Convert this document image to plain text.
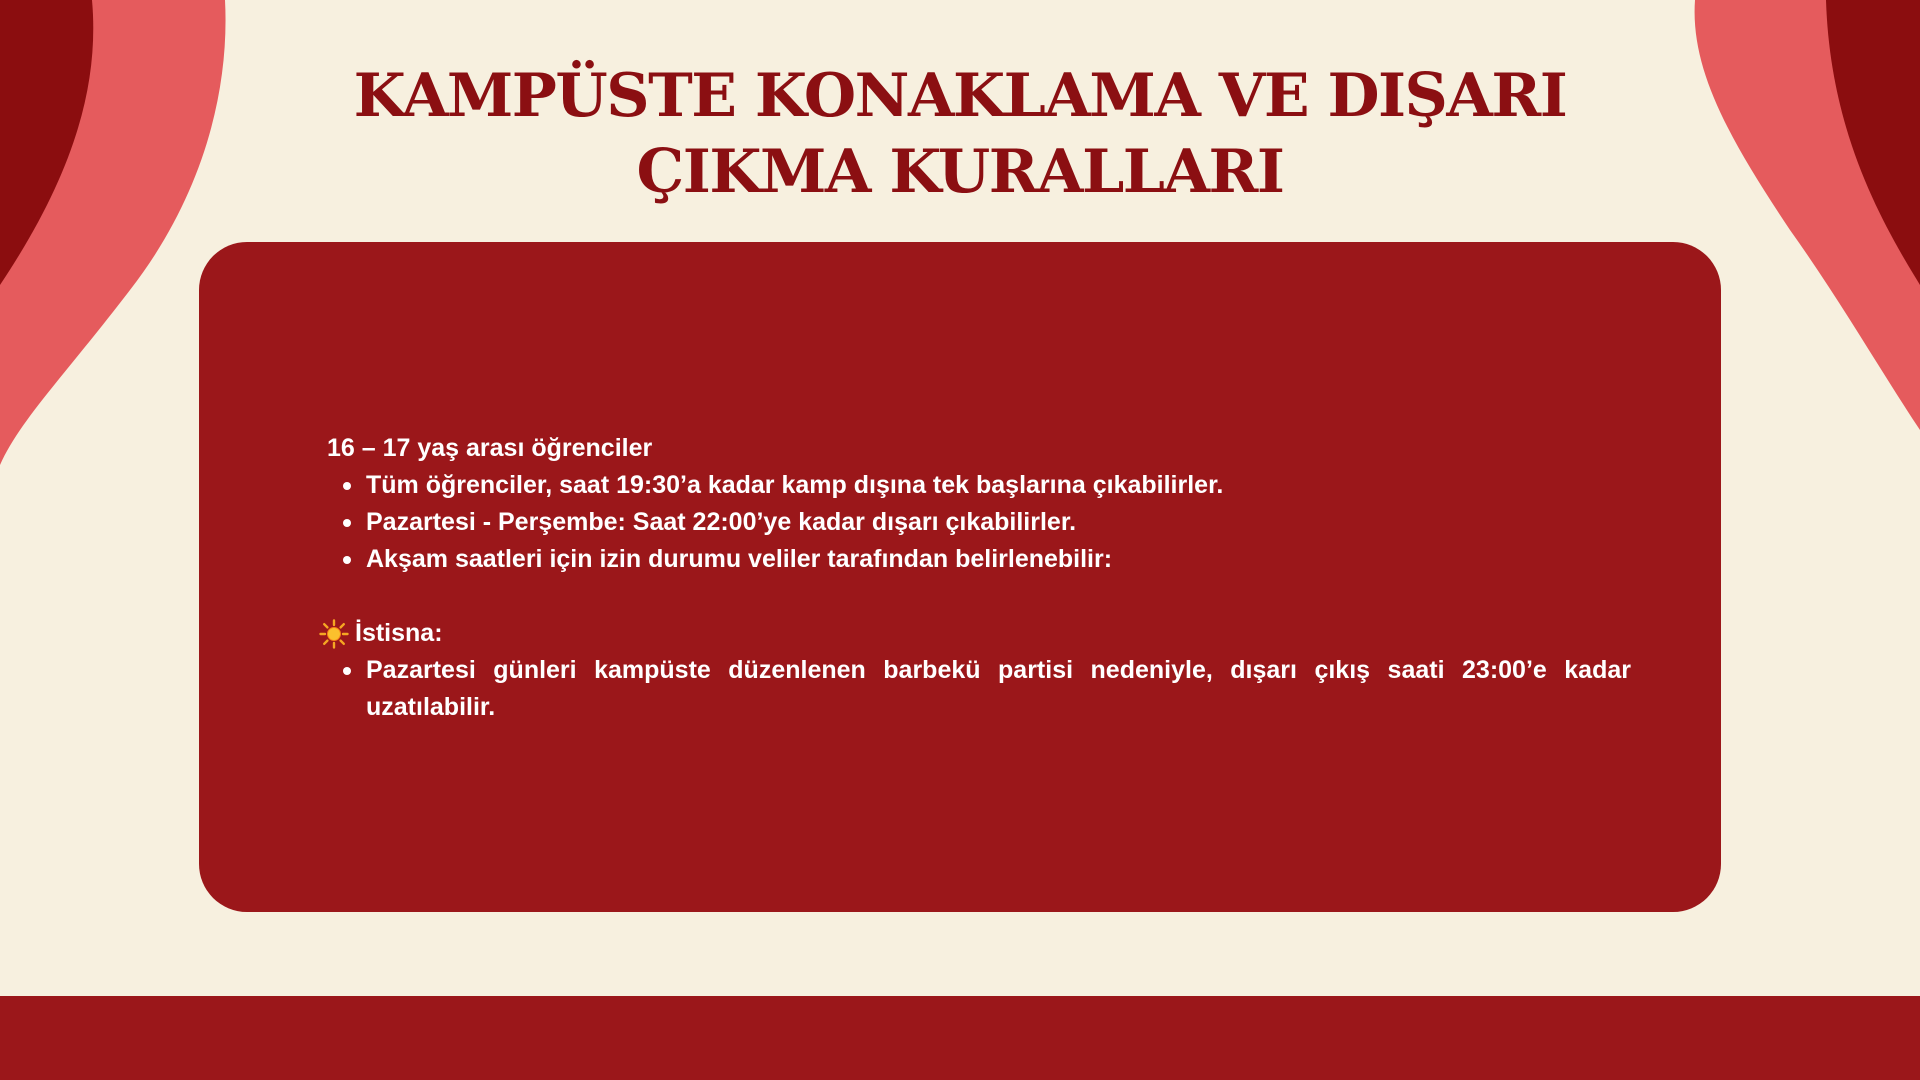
KAMPÜSTE KONAKLAMA VE DIŞARI ÇIKMA KURALLARI

16 – 17 yaş arası öğrenciler

Tüm öğrenciler, saat 19:30’a kadar kamp dışına tek başlarına çıkabilirler.
Pazartesi - Perşembe: Saat 22:00’ye kadar dışarı çıkabilirler.
Akşam saatleri için izin durumu veliler tarafından belirlenebilir:
İstisna:
Pazartesi günleri kampüste düzenlenen barbekü partisi nedeniyle, dışarı çıkış saati 23:00’e kadar uzatılabilir.
